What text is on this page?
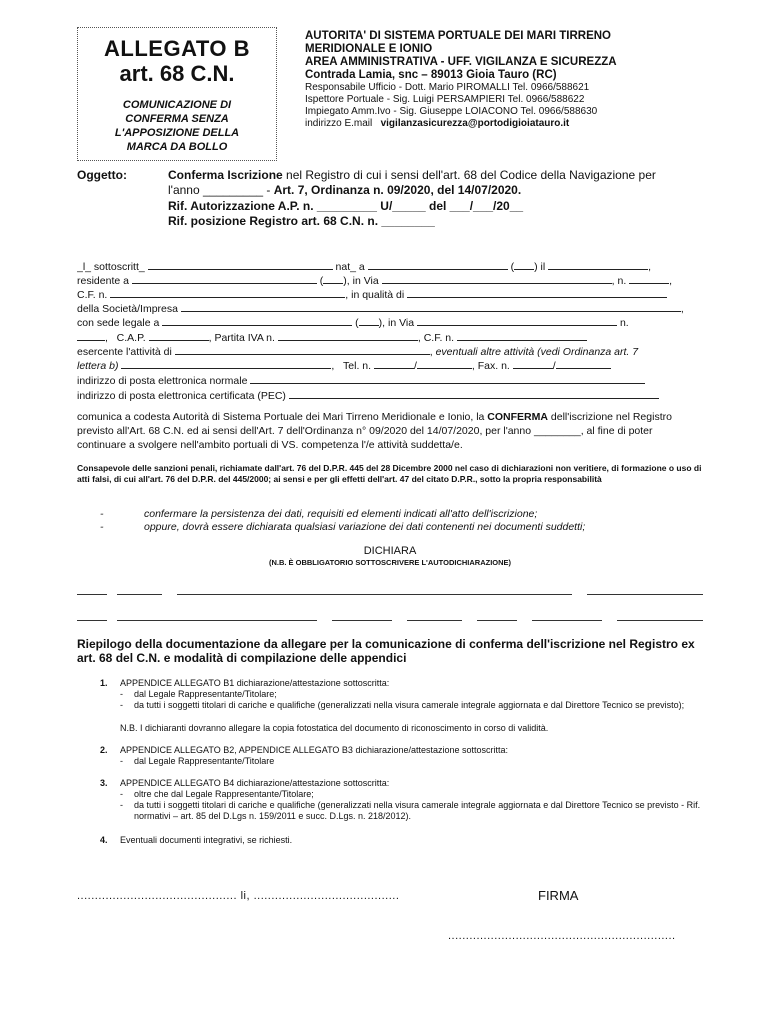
ALLEGATO B
art. 68 C.N.
COMUNICAZIONE DI
CONFERMA SENZA
L'APPOSIZIONE DELLA
MARCA DA BOLLO
AUTORITA' DI SISTEMA PORTUALE DEI MARI TIRRENO
MERIDIONALE E IONIO
AREA AMMINISTRATIVA - UFF. VIGILANZA E SICUREZZA
Contrada Lamia, snc – 89013 Gioia Tauro (RC)
Responsabile Ufficio - Dott. Mario PIROMALLI Tel. 0966/588621
Ispettore Portuale - Sig. Luigi PERSAMPIERI Tel. 0966/588622
Impiegato Amm.Ivo - Sig. Giuseppe LOIACONO Tel. 0966/588630
indirizzo E.mail vigilanzasicurezza@portodigioiatauro.it
Oggetto:	Conferma Iscrizione nel Registro di cui i sensi dell'art. 68 del Codice della Navigazione per
l'anno _________ - Art. 7, Ordinanza n. 09/2020, del 14/07/2020.
Rif. Autorizzazione A.P. n. _________ U/_____ del ___/___/20__
Rif. posizione Registro art. 68 C.N. n. ________
_l_ sottoscritt_	nat_ a	( ) il	,
residente a	( ), in Via	, n.	,
C.F. n.	, in qualità di
della Società/Impresa	,
con sede legale a	( ), in Via	n.
,   C.A.P.	, Partita IVA n.	, C.F. n.
esercente l'attività di	, eventuali altre attività (vedi Ordinanza art. 7
lettera b)	,   Tel. n.	/	, Fax. n.	/
indirizzo di posta elettronica normale
indirizzo di posta elettronica certificata (PEC)
comunica a codesta Autorità di Sistema Portuale dei Mari Tirreno Meridionale e Ionio, la CONFERMA dell'iscrizione nel Registro previsto all'Art. 68 C.N. ed ai sensi dell'Art. 7 dell'Ordinanza n° 09/2020 del 14/07/2020, per l'anno ________, al fine di poter continuare a svolgere nell'ambito portuali di VS. competenza l'/e attività suddetta/e.
Consapevole delle sanzioni penali, richiamate dall'art. 76 del D.P.R. 445 del 28 Dicembre 2000 nel caso di dichiarazioni non veritiere, di formazione o uso di atti falsi, di cui all'art. 76 del D.P.R. del 445/2000; ai sensi e per gli effetti dell'art. 47 del citato D.P.R., sotto la propria responsabilità
-	confermare la persistenza dei dati, requisiti ed elementi indicati all'atto dell'iscrizione;
-	oppure, dovrà essere dichiarata qualsiasi variazione dei dati contenenti nei documenti suddetti;
DICHIARA
(N.B. È OBBLIGATORIO SOTTOSCRIVERE L'AUTODICHIARAZIONE)
Riepilogo della documentazione da allegare per la comunicazione di conferma dell'iscrizione nel Registro ex art. 68 del C.N. e modalità di compilazione delle appendici
1. APPENDICE ALLEGATO B1 dichiarazione/attestazione sottoscritta:
- dal Legale Rappresentante/Titolare;
-	da tutti i soggetti titolari di cariche e qualifiche (generalizzati nella visura camerale integrale aggiornata e dal Direttore Tecnico se previsto);
N.B. I dichiaranti dovranno allegare la copia fotostatica del documento di riconoscimento in corso di validità.
2. APPENDICE ALLEGATO B2, APPENDICE ALLEGATO B3 dichiarazione/attestazione sottoscritta:
- dal Legale Rappresentante/Titolare
3. APPENDICE ALLEGATO B4 dichiarazione/attestazione sottoscritta:
- oltre che dal Legale Rappresentante/Titolare;
-	da tutti i soggetti titolari di cariche e qualifiche (generalizzati nella visura camerale integrale aggiornata e dal Direttore Tecnico se previsto - Rif. normativi – art. 85 del D.Lgs n. 159/2011 e succ. D.Lgs. n. 218/2012).
4. Eventuali documenti integrativi, se richiesti.
............................................. li, .........................................	FIRMA
................................................................
